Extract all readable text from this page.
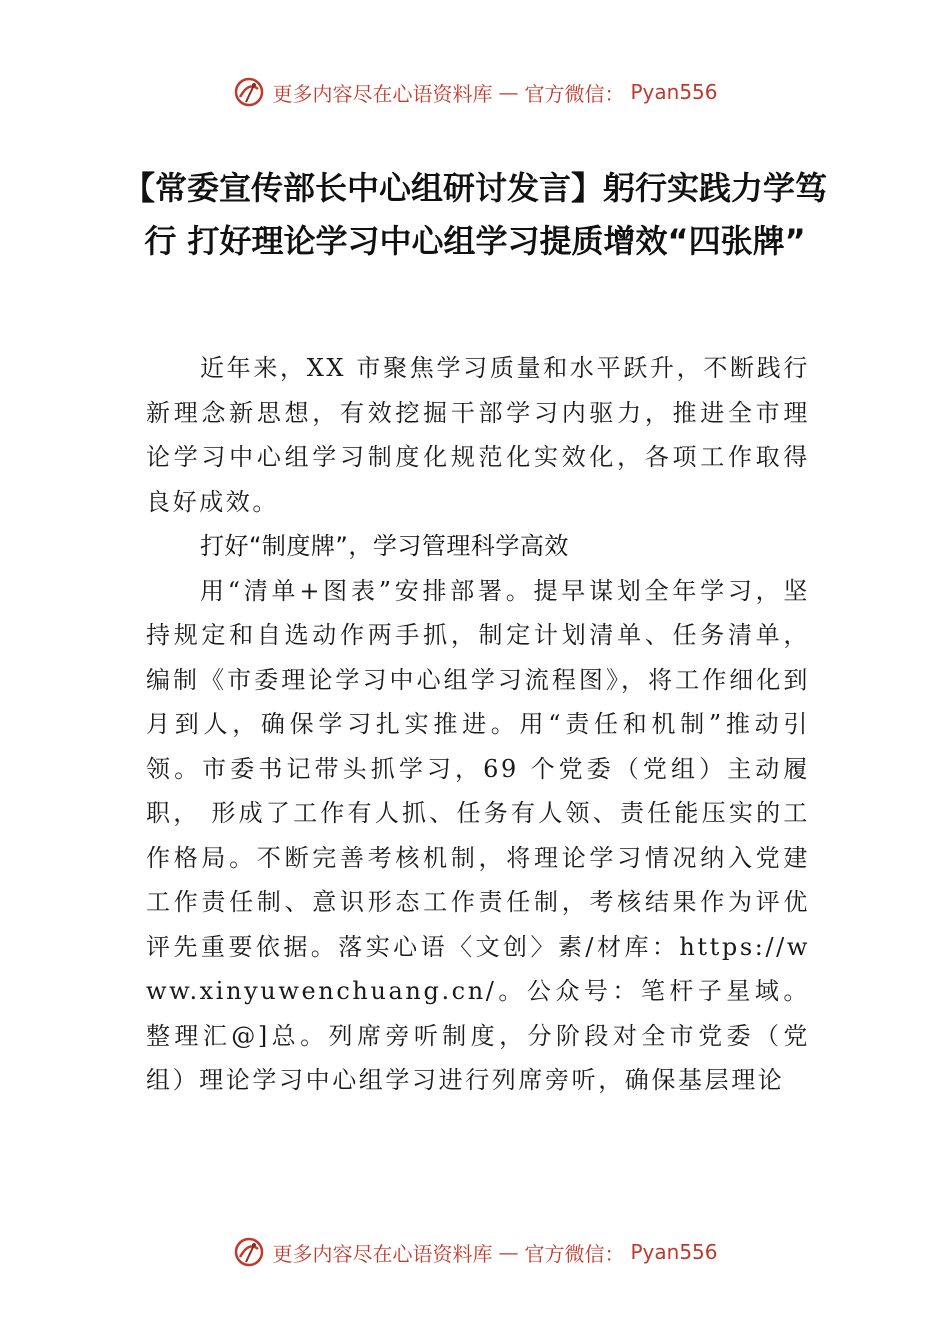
更多内容尽在心语资料库 — 官方微信： Pyan556
【常委宣传部长中心组研讨发言】躬行实践力学笃行 打好理论学习中心组学习提质增效“四张牌”

近年来，XX 市聚焦学习质量和水平跃升，不断践行新理念新思想，有效挖掘干部学习内驱力，推进全市理论学习中心组学习制度化规范化实效化，各项工作取得良好成效。

打好“制度牌”，学习管理科学高效

用“清单+图表”安排部署。提早谋划全年学习，坚持规定和自选动作两手抓，制定计划清单、任务清单，编制《市委理论学习中心组学习流程图》，将工作细化到月到人，确保学习扎实推进。用“责任和机制”推动引领。市委书记带头抓学习，69 个党委（党组）主动履职， 形成了工作有人抓、任务有人领、责任能压实的工作格局。不断完善考核机制，将理论学习情况纳入党建工作责任制、意识形态工作责任制，考核结果作为评优评先重要依据。落实心语〈文创〉素/材库：https://www.xinyuwenchuang.cn/。公众号：笔杆子星域。整理汇@]总。列席旁听制度，分阶段对全市党委（党组）理论学习中心组学习进行列席旁听，确保基层理论

更多内容尽在心语资料库 — 官方微信： Pyan556
